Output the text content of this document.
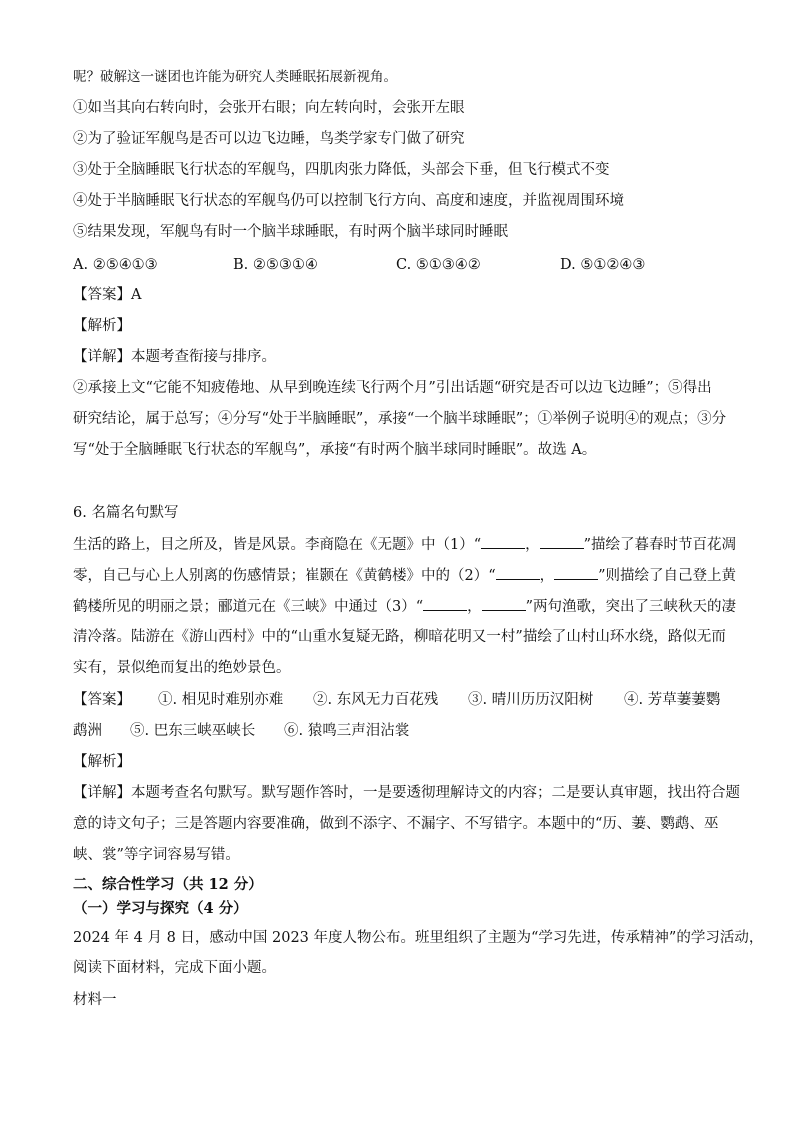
呢？破解这一谜团也许能为研究人类睡眠拓展新视角。
①如当其向右转向时，会张开右眼；向左转向时，会张开左眼
②为了验证军舰鸟是否可以边飞边睡，鸟类学家专门做了研究
③处于全脑睡眠飞行状态的军舰鸟，四肌肉张力降低，头部会下垂，但飞行模式不变
④处于半脑睡眠飞行状态的军舰鸟仍可以控制飞行方向、高度和速度，并监视周围环境
⑤结果发现，军舰鸟有时一个脑半球睡眠，有时两个脑半球同时睡眠
A. ②⑤④①③	B. ②⑤③①④	C. ⑤①③④②	D. ⑤①②④③
【答案】A
【解析】
【详解】本题考查衔接与排序。
②承接上文“它能不知疲倦地、从早到晚连续飞行两个月”引出话题“研究是否可以边飞边睡”；⑤得出
研究结论，属于总写；④分写“处于半脑睡眠”，承接“一个脑半球睡眠”；①举例子说明④的观点；③分
写“处于全脑睡眠飞行状态的军舰鸟”，承接“有时两个脑半球同时睡眠”。故选 A。
6. 名篇名句默写
生活的路上，目之所及，皆是风景。李商隐在《无题》中（1）“	，	”描绘了暮春时节百花凋
零，自己与心上人别离的伤感情景；崔颢在《黄鹤楼》中的（2）“	，	”则描绘了自己登上黄
鹤楼所见的明丽之景；郦道元在《三峡》中通过（3）“	，	”两句渔歌，突出了三峡秋天的凄
清冷落。陆游在《游山西村》中的“山重水复疑无路，柳暗花明又一村”描绘了山村山环水绕，路似无而
实有，景似绝而复出的绝妙景色。
【答案】 ①. 相见时难别亦难 ②. 东风无力百花残 ③. 晴川历历汉阳树 ④. 芳草萋萋鹦
鹉洲 ⑤. 巴东三峡巫峡长 ⑥. 猿鸣三声泪沾裳
【解析】
【详解】本题考查名句默写。默写题作答时，一是要透彻理解诗文的内容；二是要认真审题，找出符合题
意的诗文句子；三是答题内容要准确，做到不添字、不漏字、不写错字。本题中的“历、萋、鹦鹉、巫
峡、裳”等字词容易写错。
二、综合性学习（共 12 分）
（一）学习与探究（4 分）
2024 年 4 月 8 日，感动中国 2023 年度人物公布。班里组织了主题为“学习先进，传承精神”的学习活动，
阅读下面材料，完成下面小题。
材料一
